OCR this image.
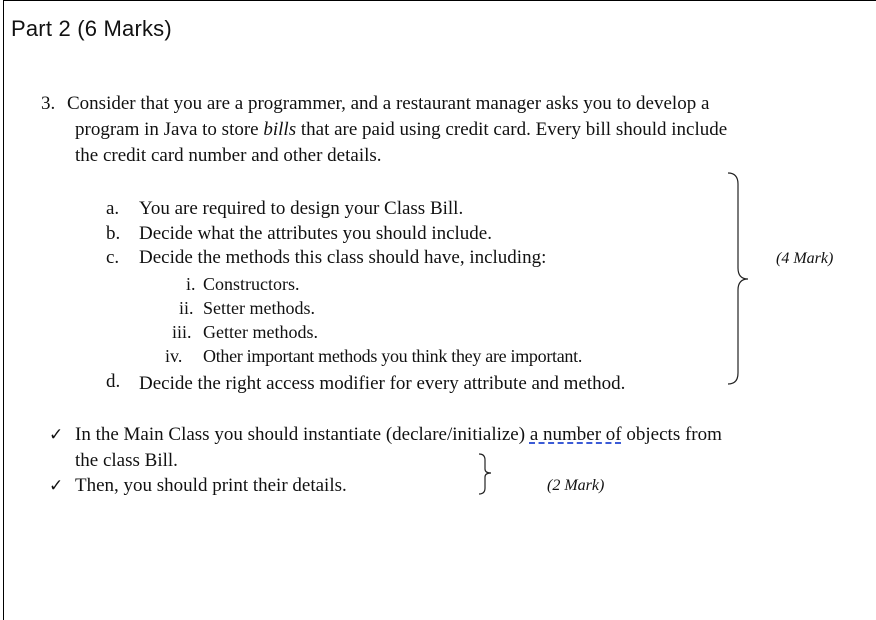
Part 2 (6 Marks)
3. Consider that you are a programmer, and a restaurant manager asks you to develop a
program in Java to store bills that are paid using credit card. Every bill should include
the credit card number and other details.
a. You are required to design your Class Bill.
b. Decide what the attributes you should include.
c. Decide the methods this class should have, including:
i. Constructors.
ii. Setter methods.
iii. Getter methods.
iv. Other important methods you think they are important.
d. Decide the right access modifier for every attribute and method.
(4 Mark)
✓ In the Main Class you should instantiate (declare/initialize) a number of objects from
the class Bill.
✓ Then, you should print their details.	(2 Mark)
